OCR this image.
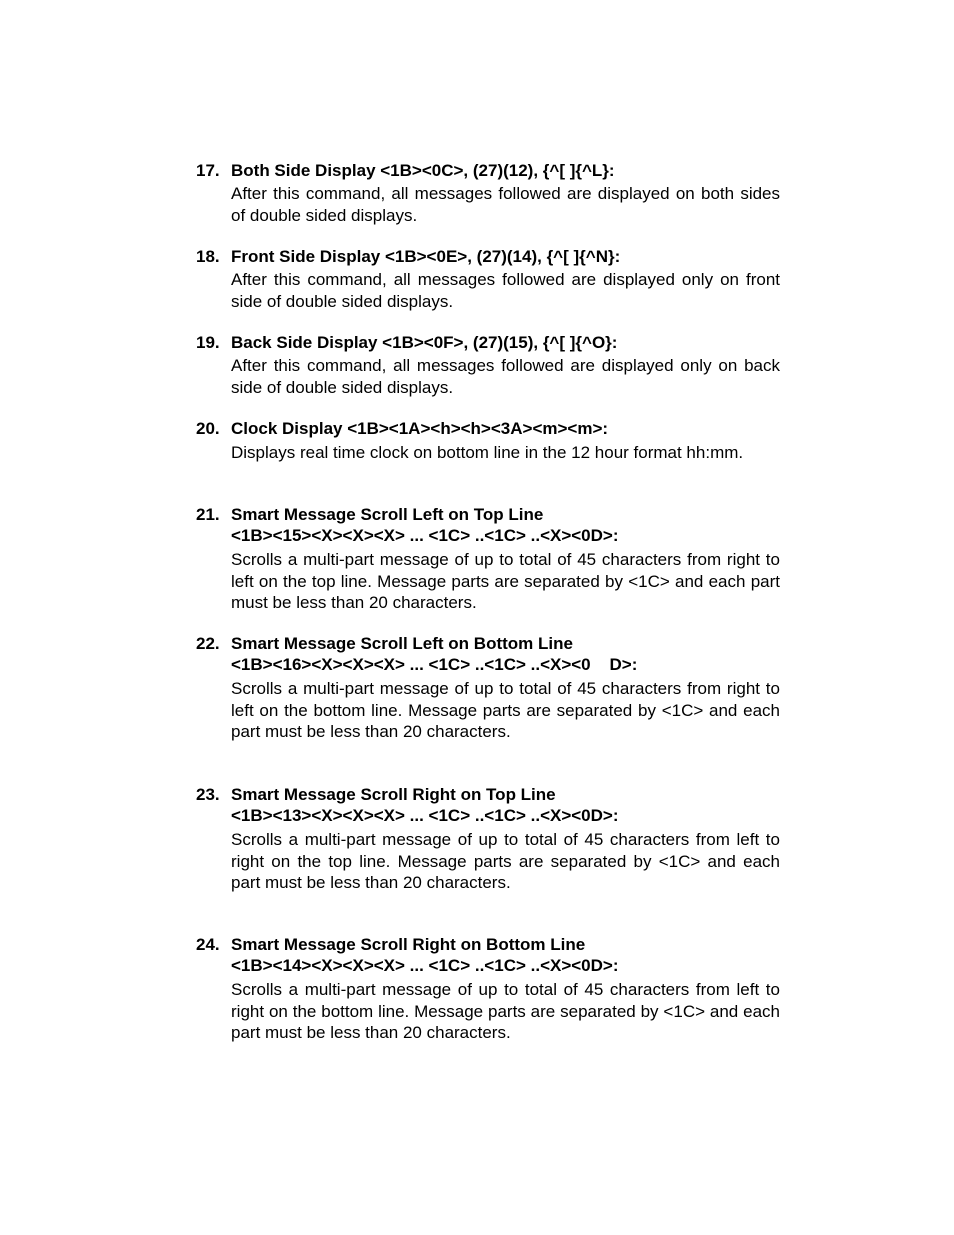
17. Both Side Display <1B><0C>, (27)(12), {^[ ]{^L}:
After this command, all messages followed are displayed on both sides of double sided displays.
18. Front Side Display <1B><0E>, (27)(14), {^[ ]{^N}:
After this command, all messages followed are displayed only on front side of double sided displays.
19. Back Side Display <1B><0F>, (27)(15), {^[ ]{^O}:
After this command, all messages followed are displayed only on back side of double sided displays.
20. Clock Display <1B><1A><h><h><3A><m><m>:
Displays real time clock on bottom line in the 12 hour format hh:mm.
21. Smart Message Scroll Left on Top Line
<1B><15><X><X><X> ... <1C> ..<1C> ..<X><0D>:
Scrolls a multi-part message of up to total of 45 characters from right to left on the top line. Message parts are separated by <1C> and each part must be less than 20 characters.
22. Smart Message Scroll Left on Bottom Line
<1B><16><X><X><X> ... <1C> ..<1C> ..<X><0    D>:
Scrolls a multi-part message of up to total of 45 characters from right to left on the bottom line. Message parts are separated by <1C> and each part must be less than 20 characters.
23. Smart Message Scroll Right on Top Line
<1B><13><X><X><X> ... <1C> ..<1C> ..<X><0D>:
Scrolls a multi-part message of up to total of 45 characters from left to right on the top line. Message parts are separated by <1C> and each part must be less than 20 characters.
24. Smart Message Scroll Right on Bottom Line
<1B><14><X><X><X> ... <1C> ..<1C> ..<X><0D>:
Scrolls a multi-part message of up to total of 45 characters from left to right on the bottom line. Message parts are separated by <1C> and each part must be less than 20 characters.
